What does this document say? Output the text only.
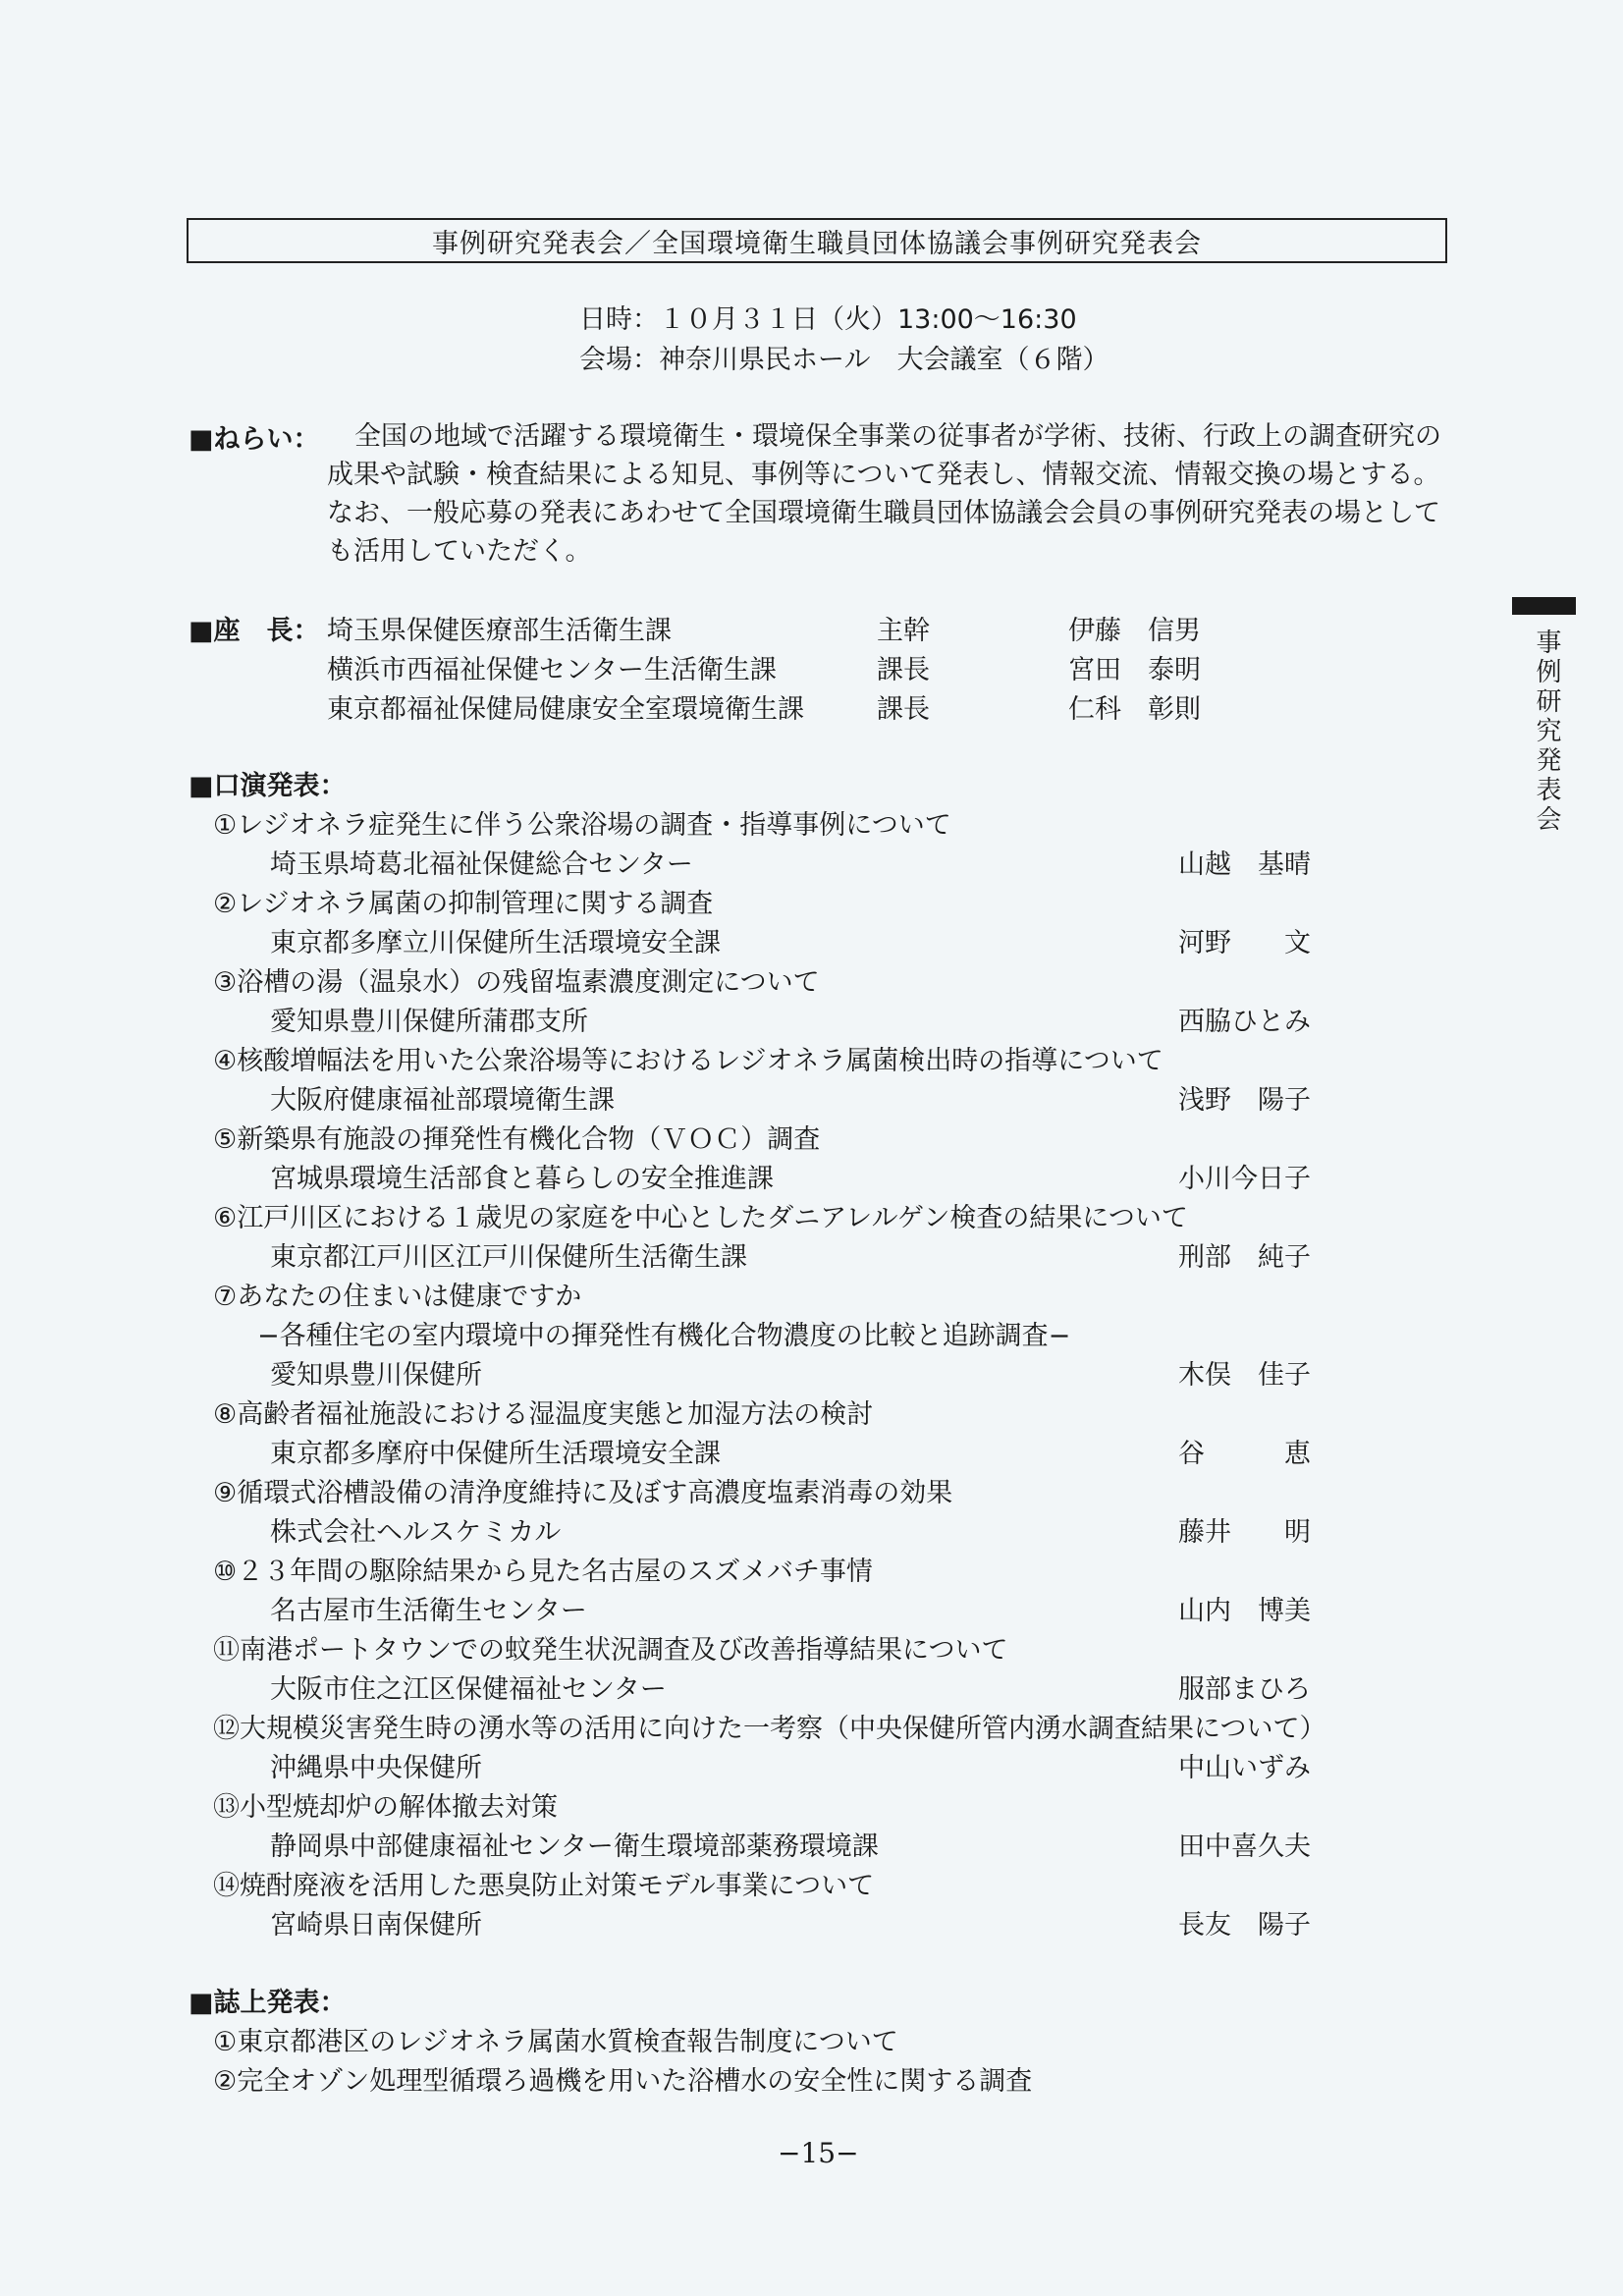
事例研究発表会／全国環境衛生職員団体協議会事例研究発表会
日時：１０月３１日（火）13:00〜16:30
会場：神奈川県民ホール　大会議室（６階）
■ねらい：	全国の地域で活躍する環境衛生・環境保全事業の従事者が学術、技術、行政上の調査研究の成果や試験・検査結果による知見、事例等について発表し、情報交流、情報交換の場とする。なお、一般応募の発表にあわせて全国環境衛生職員団体協議会会員の事例研究発表の場としても活用していただく。
■座　長： 埼玉県保健医療部生活衛生課	主幹	伊藤　信男
横浜市西福祉保健センター生活衛生課	課長	宮田　泰明
東京都福祉保健局健康安全室環境衛生課	課長	仁科　彰則
■口演発表：
①レジオネラ症発生に伴う公衆浴場の調査・指導事例について
埼玉県埼葛北福祉保健総合センター	山越　基晴
②レジオネラ属菌の抑制管理に関する調査
東京都多摩立川保健所生活環境安全課	河野　　文
③浴槽の湯（温泉水）の残留塩素濃度測定について
愛知県豊川保健所蒲郡支所	西脇ひとみ
④核酸増幅法を用いた公衆浴場等におけるレジオネラ属菌検出時の指導について
大阪府健康福祉部環境衛生課	浅野　陽子
⑤新築県有施設の揮発性有機化合物（ＶＯＣ）調査
宮城県環境生活部食と暮らしの安全推進課	小川今日子
⑥江戸川区における１歳児の家庭を中心としたダニアレルゲン検査の結果について
東京都江戸川区江戸川保健所生活衛生課	刑部　純子
⑦あなたの住まいは健康ですか
−各種住宅の室内環境中の揮発性有機化合物濃度の比較と追跡調査−
愛知県豊川保健所	木俣　佳子
⑧高齢者福祉施設における湿温度実態と加湿方法の検討
東京都多摩府中保健所生活環境安全課	谷　　　恵
⑨循環式浴槽設備の清浄度維持に及ぼす高濃度塩素消毒の効果
株式会社ヘルスケミカル	藤井　　明
⑩２３年間の駆除結果から見た名古屋のスズメバチ事情
名古屋市生活衛生センター	山内　博美
⑪南港ポートタウンでの蚊発生状況調査及び改善指導結果について
大阪市住之江区保健福祉センター	服部まひろ
⑫大規模災害発生時の湧水等の活用に向けた一考察（中央保健所管内湧水調査結果について）
沖縄県中央保健所	中山いずみ
⑬小型焼却炉の解体撤去対策
静岡県中部健康福祉センター衛生環境部薬務環境課	田中喜久夫
⑭焼酎廃液を活用した悪臭防止対策モデル事業について
宮崎県日南保健所	長友　陽子
■誌上発表：
①東京都港区のレジオネラ属菌水質検査報告制度について
②完全オゾン処理型循環ろ過機を用いた浴槽水の安全性に関する調査
事例研究発表会
−15−
